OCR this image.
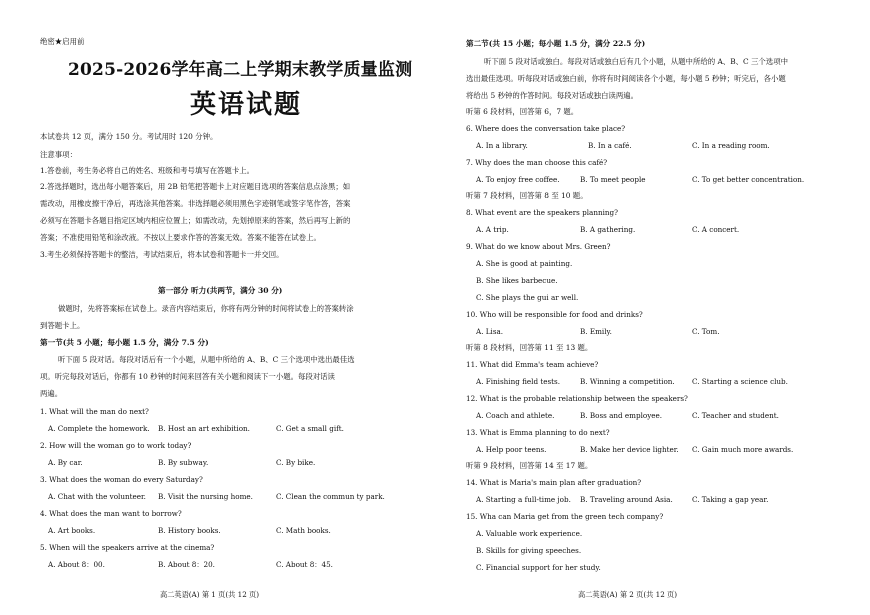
绝密★启用前
2025-2026学年高二上学期末教学质量监测
英语试题
本试卷共 12 页，满分 150 分。考试用时 120 分钟。
注意事项：
1.答卷前，考生务必将自己的姓名、班级和考号填写在答题卡上。
2.答选择题时，选出每小题答案后，用 2B 铅笔把答题卡上对应题目选项的答案信息点涂黑；如
需改动，用橡皮擦干净后，再选涂其他答案。非选择题必须用黑色字迹钢笔或签字笔作答，答案
必须写在答题卡各题目指定区域内相应位置上；如需改动，先划掉原来的答案，然后再写上新的
答案；不准使用铅笔和涂改液。不按以上要求作答的答案无效。答案不能答在试卷上。
3.考生必须保持答题卡的整洁，考试结束后，将本试卷和答题卡一并交回。
第一部分 听力(共两节，满分 30 分)
做题时，先将答案标在试卷上。录音内容结束后，你将有两分钟的时间将试卷上的答案转涂
到答题卡上。
第一节(共 5 小题；每小题 1.5 分，满分 7.5 分)
听下面 5 段对话。每段对话后有一个小题，从题中所给的 A、B、C 三个选项中选出最佳选
项。听完每段对话后，你都有 10 秒钟的时间来回答有关小题和阅读下一小题。每段对话读
两遍。
1. What will the man do next?
A. Complete the homework. B. Host an art exhibition.	C. Get a small gift.
2. How will the woman go to work today?
A. By car.	B. By subway.	C. By bike.
3. What does the woman do every Saturday?
A. Chat with the volunteer. B. Visit the nursing home.	C. Clean the commun ty park.
4. What does the man want to borrow?
A. Art books.	B. History books.	C. Math books.
5. When will the speakers arrive at the cinema?
A. About 8：00.	B. About 8：20.	C. About 8：45.
高二英语(A) 第 1 页(共 12 页)
第二节(共 15 小题；每小题 1.5 分，满分 22.5 分)
听下面 5 段对话或独白。每段对话或独白后有几个小题，从题中所给的 A、B、C 三个选项中
选出最佳选项。听每段对话或独白前，你将有时间阅读各个小题，每小题 5 秒钟；听完后，各小题
将给出 5 秒钟的作答时间。每段对话或独白读两遍。
听第 6 段材料，回答第 6，7 题。
6. Where does the conversation take place?
A. In a library.	B. In a café.	C. In a reading room.
7. Why does the man choose this café?
A. To enjoy free coffee.	B. To meet people	C. To get better concentration.
听第 7 段材料，回答第 8 至 10 题。
8. What event are the speakers planning?
A. A trip.	B. A gathering.	C. A concert.
9. What do we know about Mrs. Green?
A. She is good at painting.
B. She likes barbecue.
C. She plays the gui ar well.
10. Who will be responsible for food and drinks?
A. Lisa.	B. Emily.	C. Tom.
听第 8 段材料，回答第 11 至 13 题。
11. What did Emma's team achieve?
A. Finishing field tests.	B. Winning a competition. C. Starting a science club.
12. What is the probable relationship between the speakers?
A. Coach and athlete.	B. Boss and employee.	C. Teacher and student.
13. What is Emma planning to do next?
A. Help poor teens.	B. Make her device lighter. C. Gain much more awards.
听第 9 段材料，回答第 14 至 17 题。
14. What is Maria's main plan after graduation?
A. Starting a full-time job. B. Traveling around Asia.	C. Taking a gap year.
15. Wha can Maria get from the green tech company?
A. Valuable work experience.
B. Skills for giving speeches.
C. Financial support for her study.
高二英语(A) 第 2 页(共 12 页)
